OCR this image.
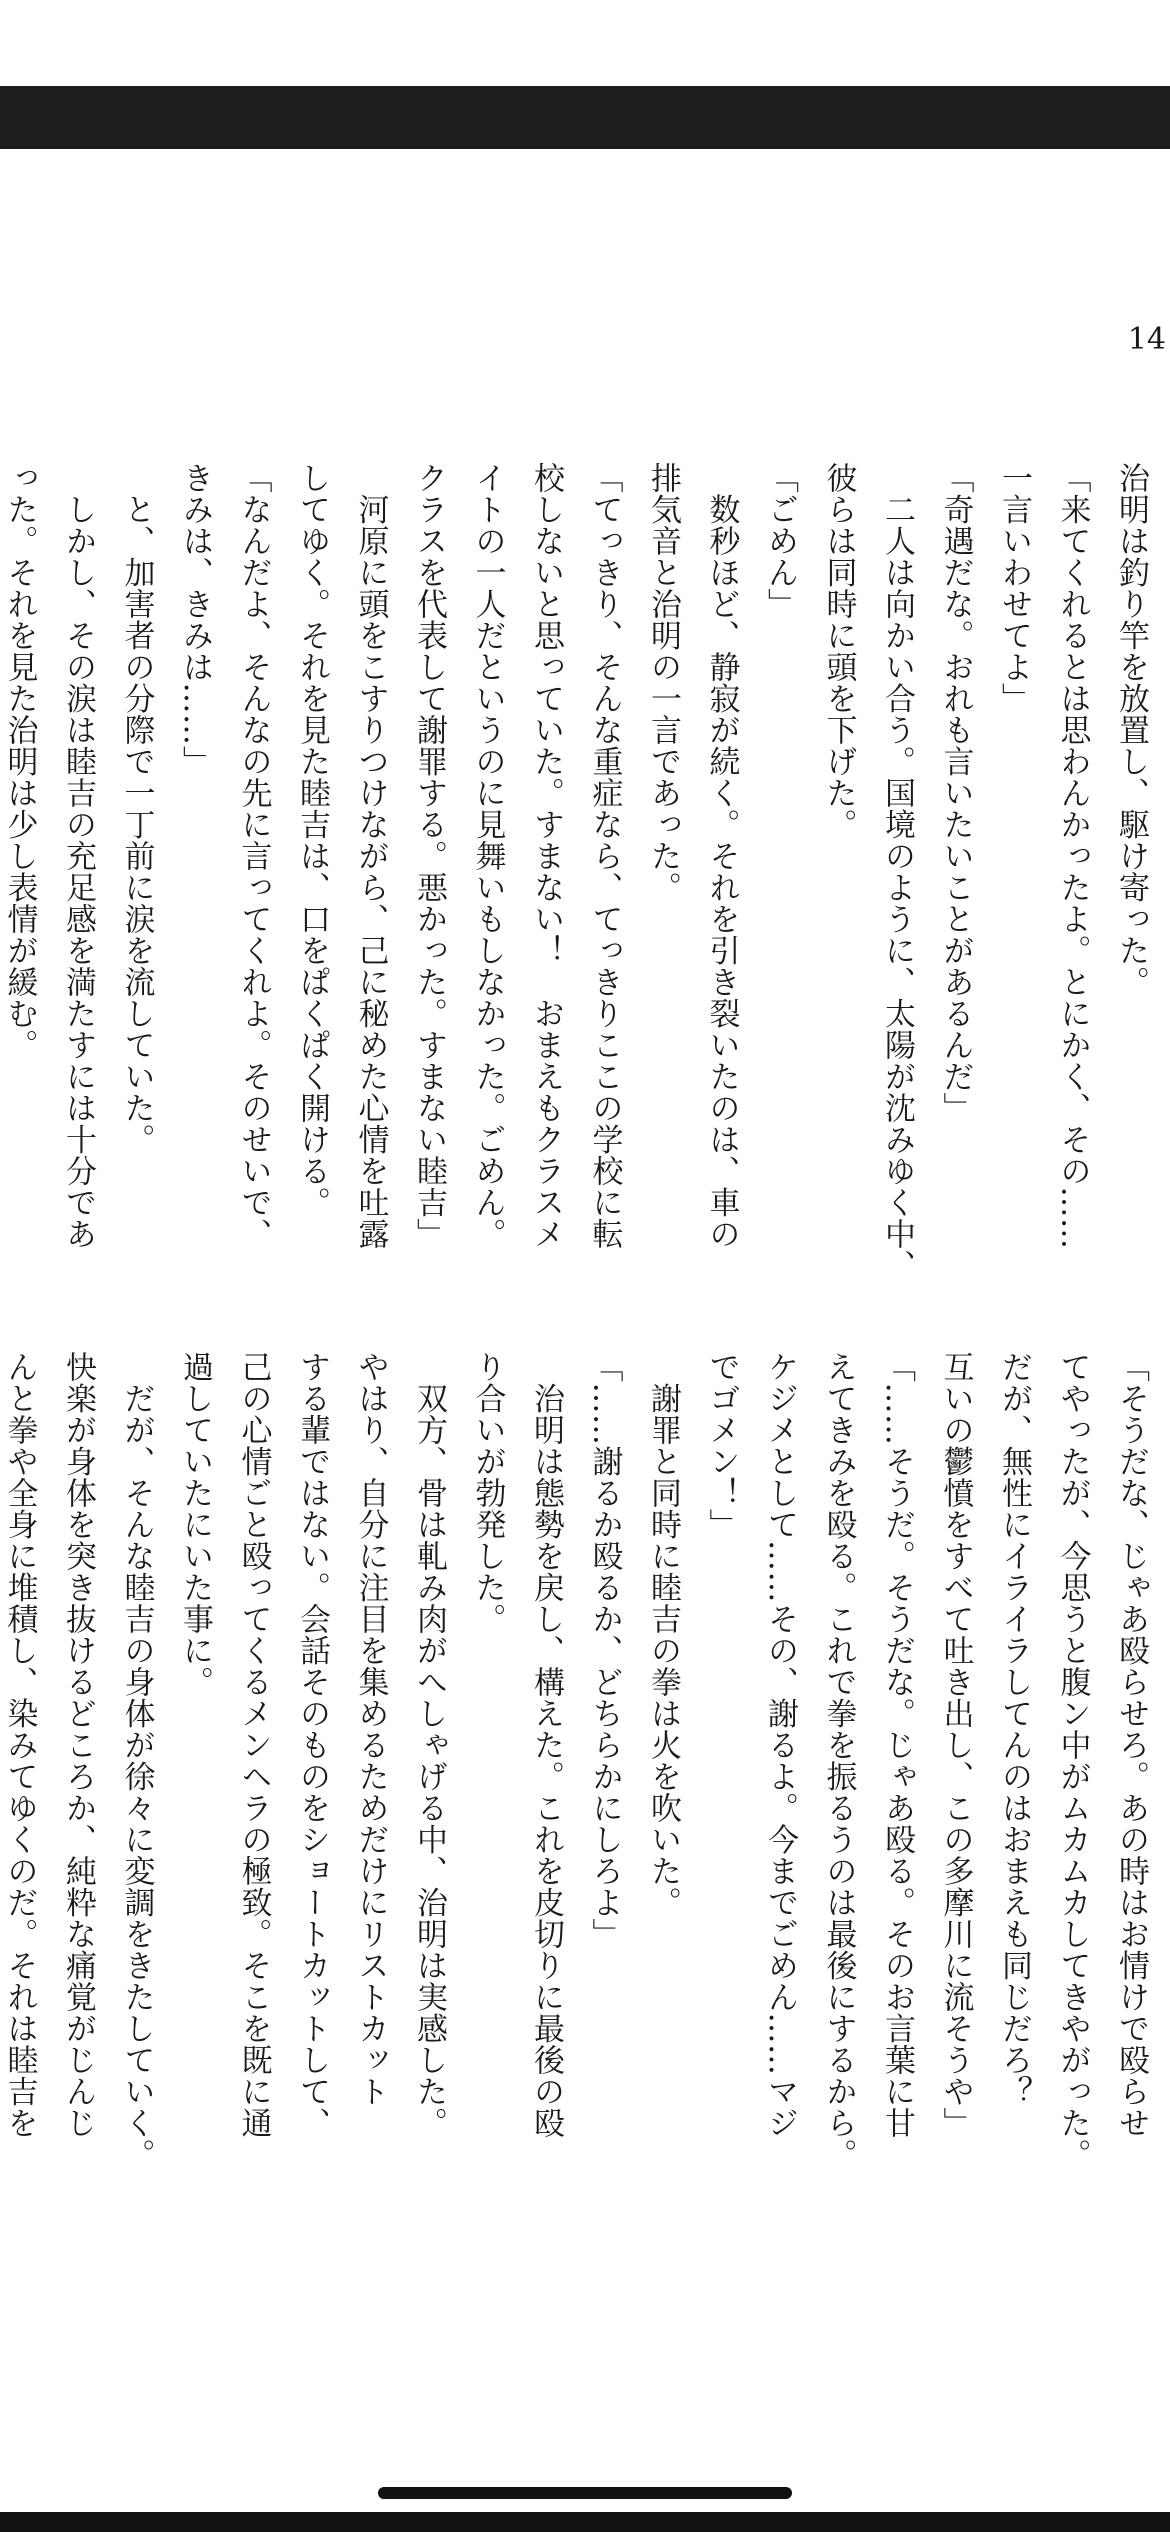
14
治明は釣り竿を放置し、駆け寄った。
「来てくれるとは思わんかったよ。とにかく、その……
一言いわせてよ」
「奇遇だな。おれも言いたいことがあるんだ」
　二人は向かい合う。国境のように、太陽が沈みゆく中、
彼らは同時に頭を下げた。
「ごめん」
　数秒ほど、静寂が続く。それを引き裂いたのは、車の
排気音と治明の一言であった。
「てっきり、そんな重症なら、てっきりここの学校に転
校しないと思っていた。すまない！　おまえもクラスメ
イトの一人だというのに見舞いもしなかった。ごめん。
クラスを代表して謝罪する。悪かった。すまない睦吉」
　河原に頭をこすりつけながら、己に秘めた心情を吐露
してゆく。それを見た睦吉は、口をぱくぱく開ける。
「なんだよ、そんなの先に言ってくれよ。そのせいで、
きみは、きみは……」
　と、加害者の分際で一丁前に涙を流していた。
　しかし、その涙は睦吉の充足感を満たすには十分であ
った。それを見た治明は少し表情が緩む。
「そうだな、じゃあ殴らせろ。あの時はお情けで殴らせ
てやったが、今思うと腹ン中がムカムカしてきやがった。
だが、無性にイライラしてんのはおまえも同じだろ？
互いの鬱憤をすべて吐き出し、この多摩川に流そうや」
「……そうだ。そうだな。じゃあ殴る。そのお言葉に甘
えてきみを殴る。これで拳を振るうのは最後にするから。
ケジメとして……その、謝るよ。今までごめん……マジ
でゴメン！」
　謝罪と同時に睦吉の拳は火を吹いた。
「……謝るか殴るか、どちらかにしろよ」
　治明は態勢を戻し、構えた。これを皮切りに最後の殴
り合いが勃発した。
　双方、骨は軋み肉がへしゃげる中、治明は実感した。
やはり、自分に注目を集めるためだけにリストカット
する輩ではない。会話そのものをショートカットして、
己の心情ごと殴ってくるメンヘラの極致。そこを既に通
過していたにいた事に。
　だが、そんな睦吉の身体が徐々に変調をきたしていく。
快楽が身体を突き抜けるどころか、純粋な痛覚がじんじ
んと拳や全身に堆積し、染みてゆくのだ。それは睦吉を
